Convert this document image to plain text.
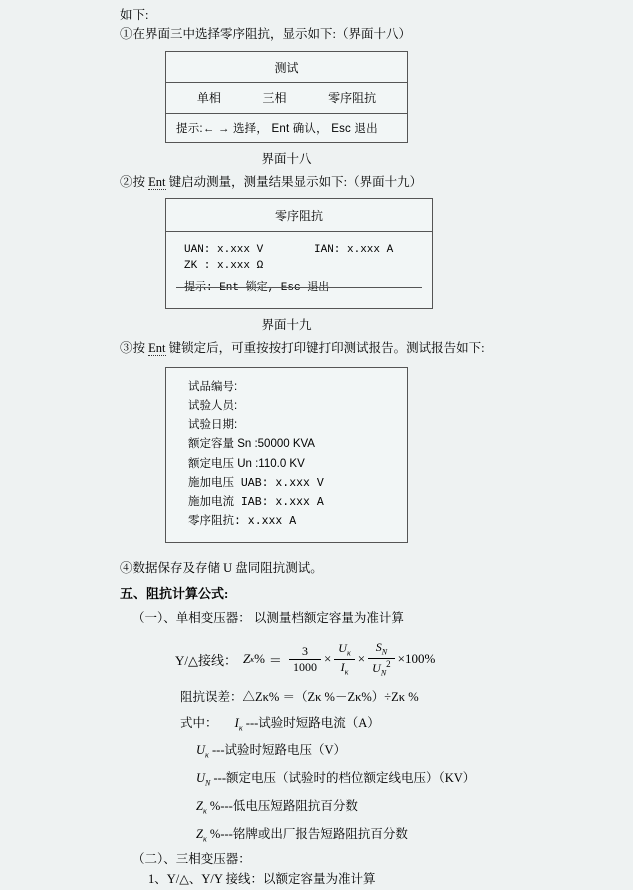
如下:
①在界面三中选择零序阻抗，显示如下:（界面十八）
测试
单相	三相	零序阻抗
提示:← → 选择， Ent 确认， Esc 退出
界面十八
②按 Ent 键启动测量，测量结果显示如下:（界面十九）
零序阻抗
UAN: x.xxx V	IAN: x.xxx A
ZK : x.xxx Ω
提示: Ent 锁定, Esc 退出
界面十九
③按 Ent 键锁定后，可重按按打印键打印测试报告。测试报告如下:
试品编号:
试验人员:
试验日期:
额定容量 Sn :50000 KVA
额定电压 Un :110.0 KV
施加电压 UAB: x.xxx V
施加电流 IAB: x.xxx A
零序阻抗: x.xxx A
④数据保存及存储 U 盘同阻抗测试。
五、阻抗计算公式:
（一）、单相变压器： 以测量档额定容量为准计算
Y/△接线： Z κ % ＝ $\frac{3}{1000} \times \frac{U_\kappa}{I_\kappa} \times \frac{S_N}{U_N^2} \times 100\%$
阻抗误差：△Zκ% ＝（Zκ %－Zκ%）÷Zκ %
式中： $I_\kappa$ ---试验时短路电流（A）
$U_\kappa$ ---试验时短路电压（V）
$U_N$ ---额定电压（试验时的档位额定线电压）（KV）
$Z_\kappa$ %---低电压短路阻抗百分数
$Z_\kappa$ %---铭牌或出厂报告短路阻抗百分数
（二）、三相变压器：
1、Y/△、Y/Y 接线：以额定容量为准计算
